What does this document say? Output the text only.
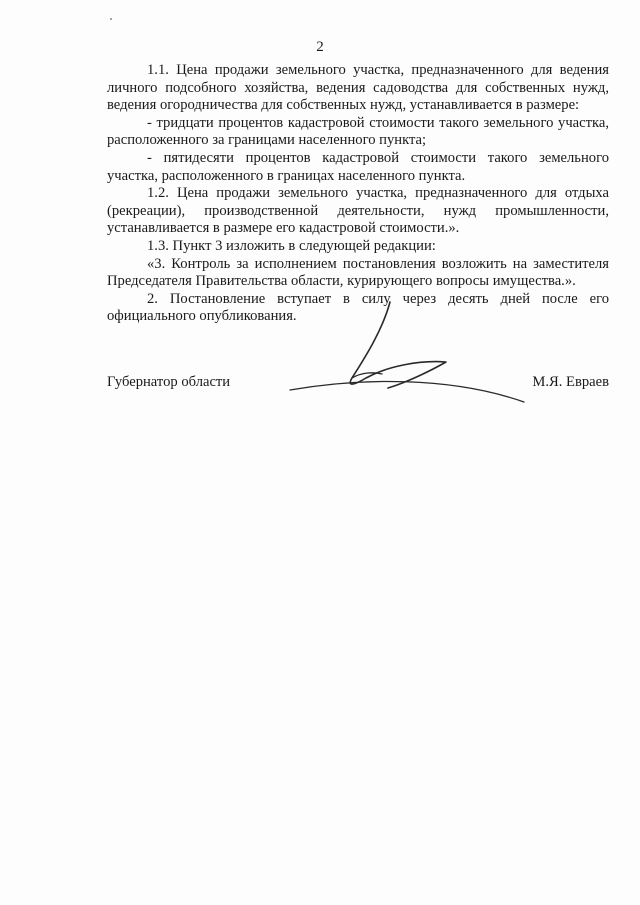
2

1.1. Цена продажи земельного участка, предназначенного для ведения личного подсобного хозяйства, ведения садоводства для собственных нужд, ведения огородничества для собственных нужд, устанавливается в размере:

- тридцати процентов кадастровой стоимости такого земельного участка, расположенного за границами населенного пункта;

- пятидесяти процентов кадастровой стоимости такого земельного участка, расположенного в границах населенного пункта.

1.2. Цена продажи земельного участка, предназначенного для отдыха (рекреации), производственной деятельности, нужд промышленности, устанавливается в размере его кадастровой стоимости.».

1.3. Пункт 3 изложить в следующей редакции:

«3. Контроль за исполнением постановления возложить на заместителя Председателя Правительства области, курирующего вопросы имущества.».

2. Постановление вступает в силу через десять дней после его официального опубликования.

Губернатор области	М.Я. Евраев
